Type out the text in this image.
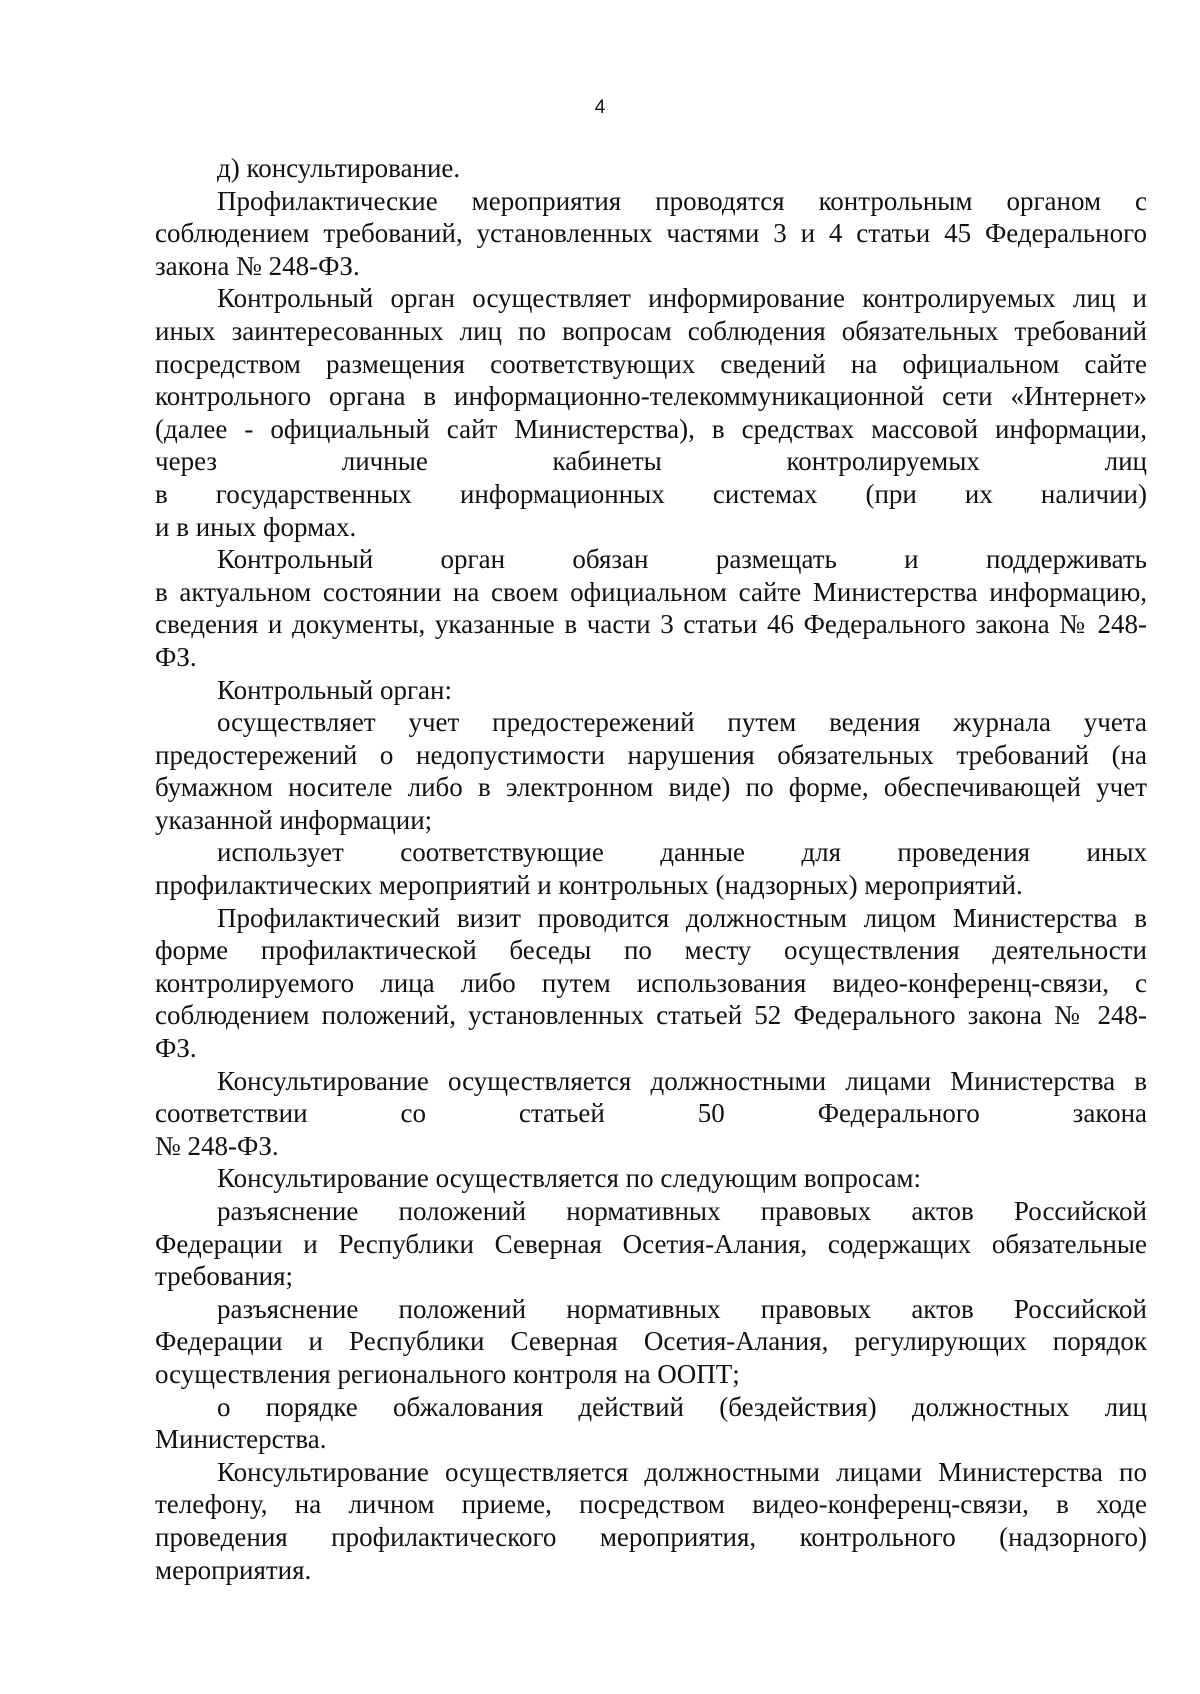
4
д) консультирование.
Профилактические мероприятия проводятся контрольным органом с
соблюдением требований, установленных частями 3 и 4 статьи 45 Федерального
закона № 248-ФЗ.
Контрольный орган осуществляет информирование контролируемых лиц и
иных заинтересованных лиц по вопросам соблюдения обязательных требований
посредством размещения соответствующих сведений на официальном сайте
контрольного органа в информационно-телекоммуникационной сети «Интернет»
(далее - официальный сайт Министерства), в средствах массовой информации,
через личные кабинеты контролируемых лиц
в государственных информационных системах (при их наличии)
и в иных формах.
Контрольный орган обязан размещать и поддерживать
в актуальном состоянии на своем официальном сайте Министерства информацию,
сведения и документы, указанные в части 3 статьи 46 Федерального закона № 248-
ФЗ.
Контрольный орган:
осуществляет учет предостережений путем ведения журнала учета
предостережений о недопустимости нарушения обязательных требований (на
бумажном носителе либо в электронном виде) по форме, обеспечивающей учет
указанной информации;
использует соответствующие данные для проведения иных
профилактических мероприятий и контрольных (надзорных) мероприятий.
Профилактический визит проводится должностным лицом Министерства в
форме профилактической беседы по месту осуществления деятельности
контролируемого лица либо путем использования видео-конференц-связи, с
соблюдением положений, установленных статьей 52 Федерального закона № 248-
ФЗ.
Консультирование осуществляется должностными лицами Министерства в
соответствии со статьей 50 Федерального закона
№ 248-ФЗ.
Консультирование осуществляется по следующим вопросам:
разъяснение положений нормативных правовых актов Российской
Федерации и Республики Северная Осетия-Алания, содержащих обязательные
требования;
разъяснение положений нормативных правовых актов Российской
Федерации и Республики Северная Осетия-Алания, регулирующих порядок
осуществления регионального контроля на ООПТ;
о порядке обжалования действий (бездействия) должностных лиц
Министерства.
Консультирование осуществляется должностными лицами Министерства по
телефону, на личном приеме, посредством видео-конференц-связи, в ходе
проведения профилактического мероприятия, контрольного (надзорного)
мероприятия.
